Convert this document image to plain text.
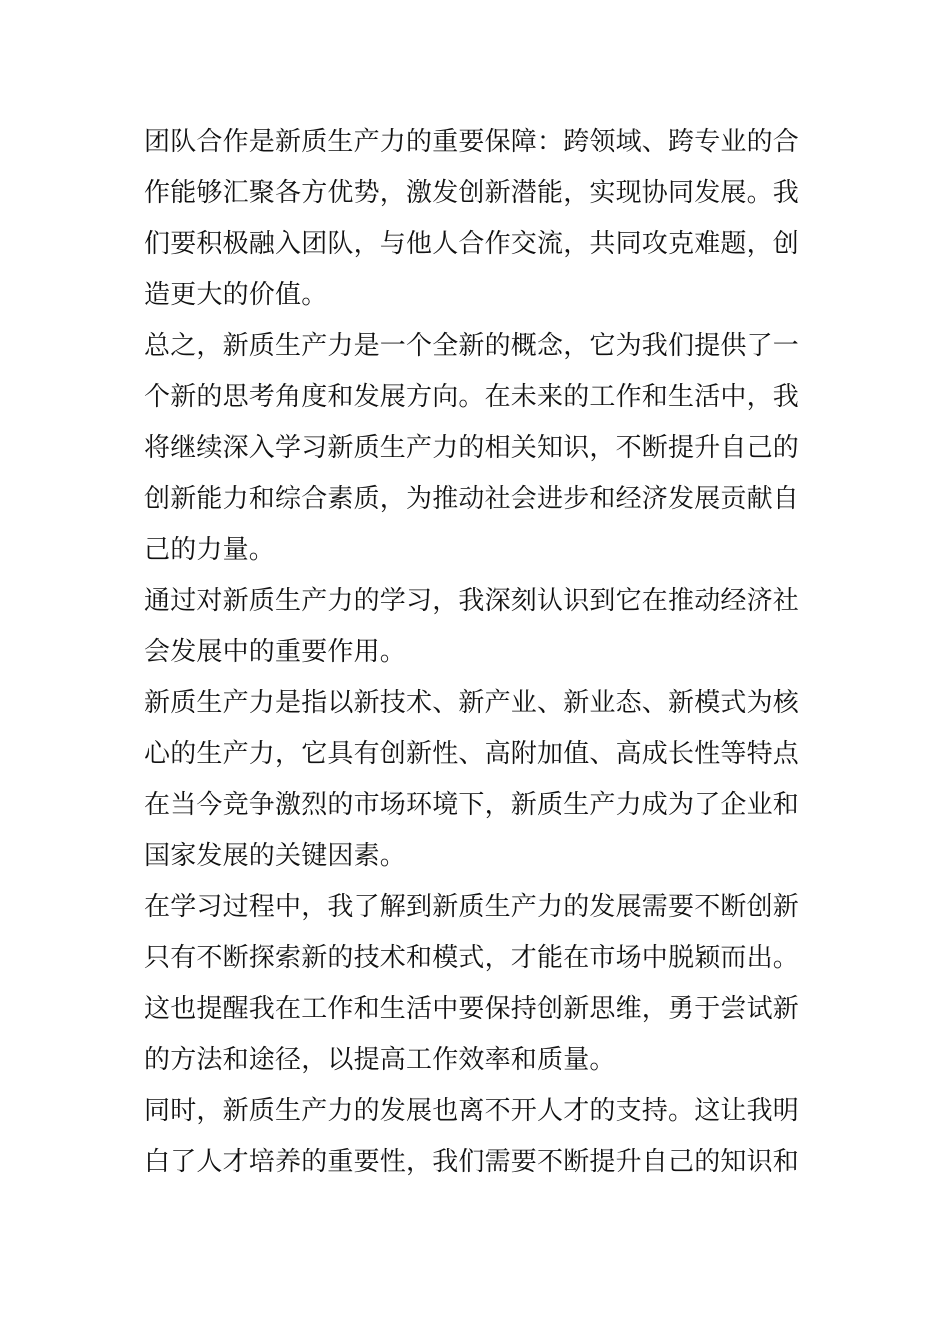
团队合作是新质生产力的重要保障：跨领域、跨专业的合
作能够汇聚各方优势，激发创新潜能，实现协同发展。我
们要积极融入团队，与他人合作交流，共同攻克难题，创
造更大的价值。
总之，新质生产力是一个全新的概念，它为我们提供了一
个新的思考角度和发展方向。在未来的工作和生活中，我
将继续深入学习新质生产力的相关知识，不断提升自己的
创新能力和综合素质，为推动社会进步和经济发展贡献自
己的力量。
通过对新质生产力的学习，我深刻认识到它在推动经济社
会发展中的重要作用。
新质生产力是指以新技术、新产业、新业态、新模式为核
心的生产力，它具有创新性、高附加值、高成长性等特点
在当今竞争激烈的市场环境下，新质生产力成为了企业和
国家发展的关键因素。
在学习过程中，我了解到新质生产力的发展需要不断创新
只有不断探索新的技术和模式，才能在市场中脱颖而出。
这也提醒我在工作和生活中要保持创新思维，勇于尝试新
的方法和途径，以提高工作效率和质量。
同时，新质生产力的发展也离不开人才的支持。这让我明
白了人才培养的重要性，我们需要不断提升自己的知识和
